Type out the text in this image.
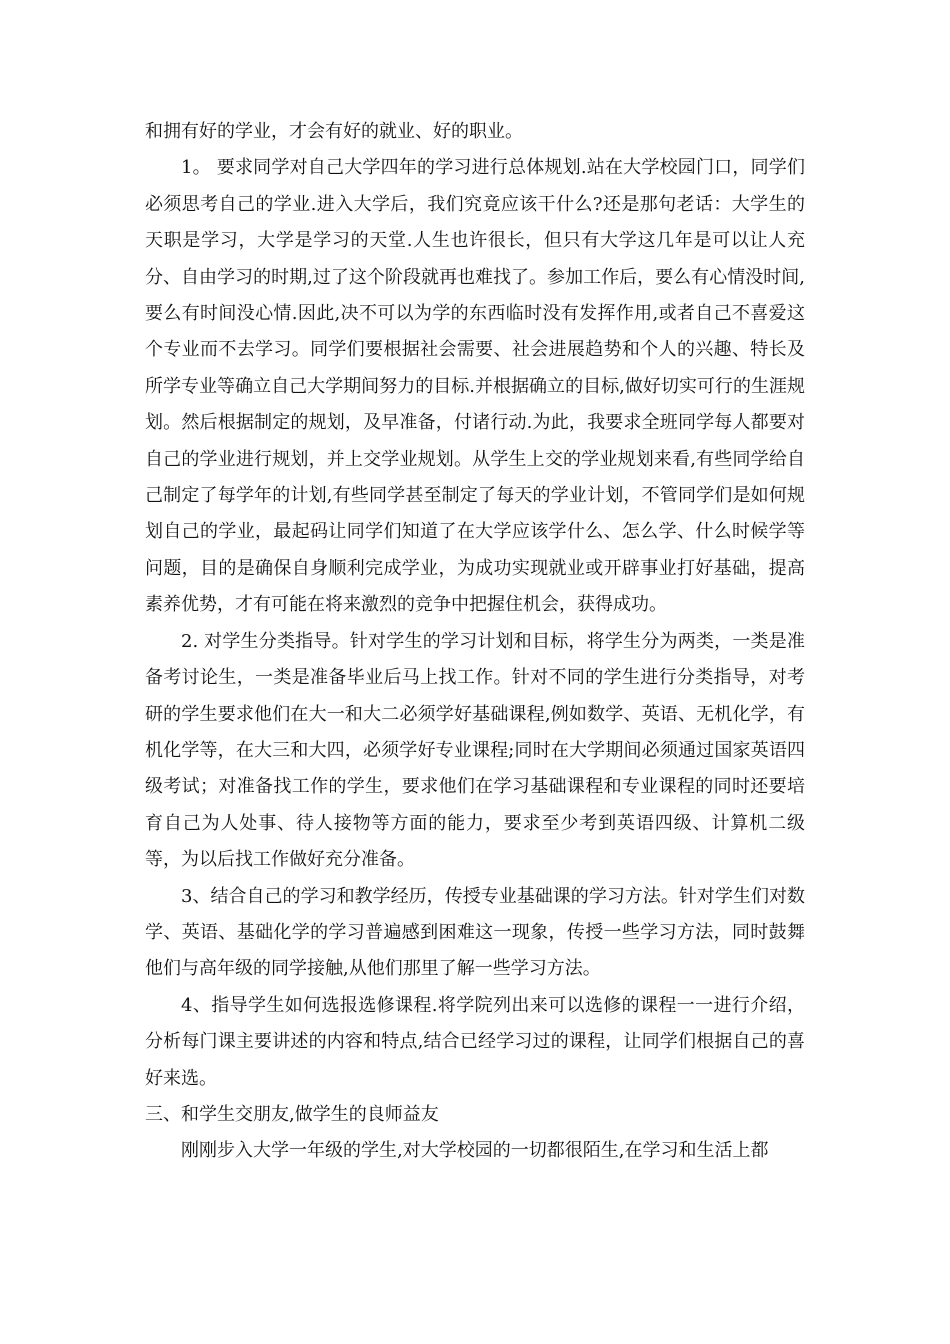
和拥有好的学业，才会有好的就业、好的职业。

1。 要求同学对自己大学四年的学习进行总体规划.站在大学校园门口，同学们必须思考自己的学业.进入大学后，我们究竟应该干什么?还是那句老话：大学生的天职是学习，大学是学习的天堂.人生也许很长，但只有大学这几年是可以让人充分、自由学习的时期,过了这个阶段就再也难找了。参加工作后，要么有心情没时间,要么有时间没心情.因此,决不可以为学的东西临时没有发挥作用,或者自己不喜爱这个专业而不去学习。同学们要根据社会需要、社会进展趋势和个人的兴趣、特长及所学专业等确立自己大学期间努力的目标.并根据确立的目标,做好切实可行的生涯规划。然后根据制定的规划，及早准备，付诸行动.为此，我要求全班同学每人都要对自己的学业进行规划，并上交学业规划。从学生上交的学业规划来看,有些同学给自己制定了每学年的计划,有些同学甚至制定了每天的学业计划，不管同学们是如何规划自己的学业，最起码让同学们知道了在大学应该学什么、怎么学、什么时候学等问题，目的是确保自身顺利完成学业，为成功实现就业或开辟事业打好基础，提高素养优势，才有可能在将来激烈的竞争中把握住机会，获得成功。

2. 对学生分类指导。针对学生的学习计划和目标，将学生分为两类，一类是准备考讨论生，一类是准备毕业后马上找工作。针对不同的学生进行分类指导，对考研的学生要求他们在大一和大二必须学好基础课程,例如数学、英语、无机化学，有机化学等，在大三和大四，必须学好专业课程;同时在大学期间必须通过国家英语四级考试；对准备找工作的学生，要求他们在学习基础课程和专业课程的同时还要培育自己为人处事、待人接物等方面的能力，要求至少考到英语四级、计算机二级等，为以后找工作做好充分准备。

3、结合自己的学习和教学经历，传授专业基础课的学习方法。针对学生们对数学、英语、基础化学的学习普遍感到困难这一现象，传授一些学习方法，同时鼓舞他们与高年级的同学接触,从他们那里了解一些学习方法。

4、指导学生如何选报选修课程.将学院列出来可以选修的课程一一进行介绍，分析每门课主要讲述的内容和特点,结合已经学习过的课程，让同学们根据自己的喜好来选。

三、和学生交朋友,做学生的良师益友

刚刚步入大学一年级的学生,对大学校园的一切都很陌生,在学习和生活上都
